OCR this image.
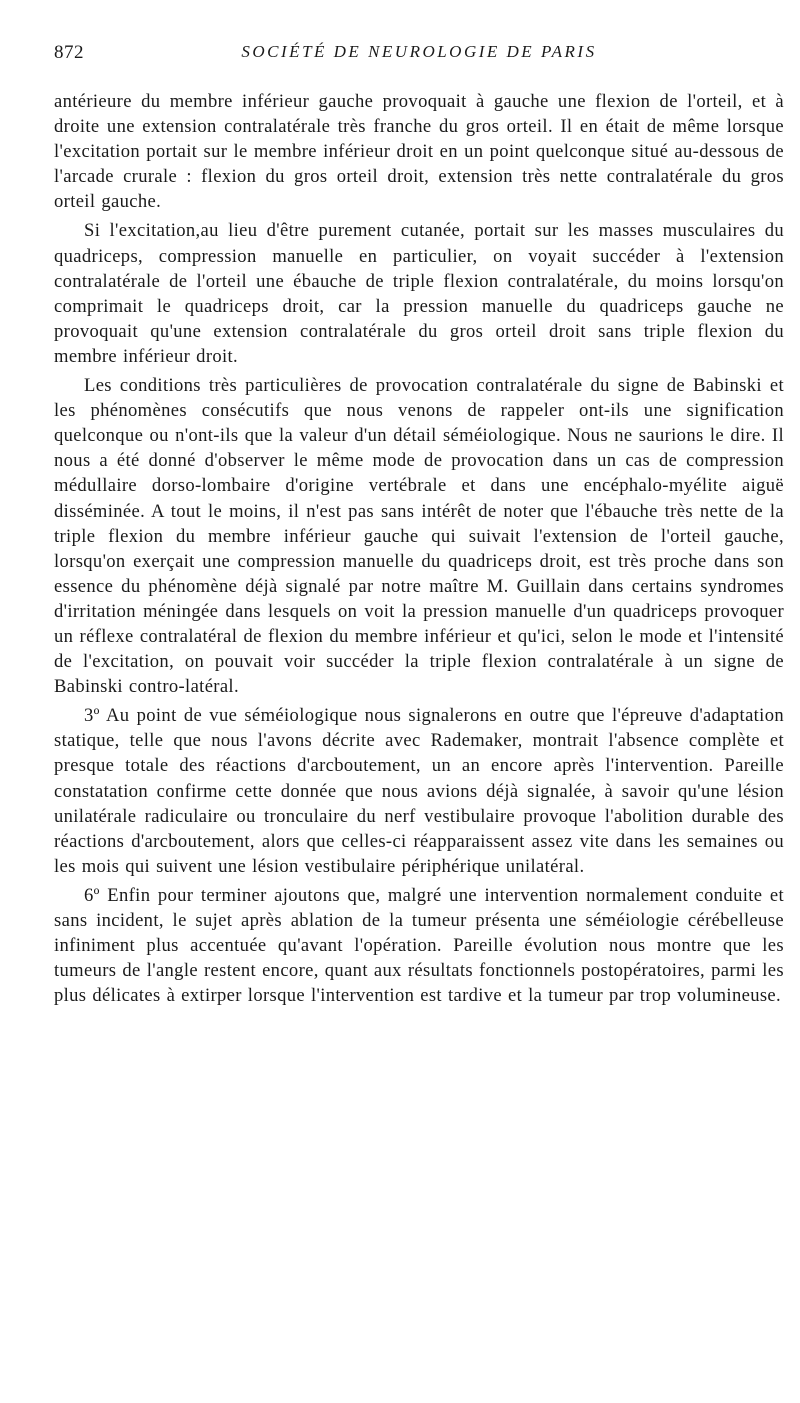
872	SOCIÉTÉ DE NEUROLOGIE DE PARIS

antérieure du membre inférieur gauche provoquait à gauche une flexion de l'orteil, et à droite une extension contralatérale très franche du gros orteil. Il en était de même lorsque l'excitation portait sur le membre inférieur droit en un point quelconque situé au-dessous de l'arcade crurale : flexion du gros orteil droit, extension très nette contralatérale du gros orteil gauche.

Si l'excitation,au lieu d'être purement cutanée, portait sur les masses musculaires du quadriceps, compression manuelle en particulier, on voyait succéder à l'extension contralatérale de l'orteil une ébauche de triple flexion contralatérale, du moins lorsqu'on comprimait le quadriceps droit, car la pression manuelle du quadriceps gauche ne provoquait qu'une extension contralatérale du gros orteil droit sans triple flexion du membre inférieur droit.

Les conditions très particulières de provocation contralatérale du signe de Babinski et les phénomènes consécutifs que nous venons de rappeler ont-ils une signification quelconque ou n'ont-ils que la valeur d'un détail séméiologique. Nous ne saurions le dire. Il nous a été donné d'observer le même mode de provocation dans un cas de compression médullaire dorso-lombaire d'origine vertébrale et dans une encéphalo-myélite aiguë disséminée. A tout le moins, il n'est pas sans intérêt de noter que l'ébauche très nette de la triple flexion du membre inférieur gauche qui suivait l'extension de l'orteil gauche, lorsqu'on exerçait une compression manuelle du quadriceps droit, est très proche dans son essence du phénomène déjà signalé par notre maître M. Guillain dans certains syndromes d'irritation méningée dans lesquels on voit la pression manuelle d'un quadriceps provoquer un réflexe contralatéral de flexion du membre inférieur et qu'ici, selon le mode et l'intensité de l'excitation, on pouvait voir succéder la triple flexion contralatérale à un signe de Babinski contro-latéral.

3º Au point de vue séméiologique nous signalerons en outre que l'épreuve d'adaptation statique, telle que nous l'avons décrite avec Rademaker, montrait l'absence complète et presque totale des réactions d'arcboutement, un an encore après l'intervention. Pareille constatation confirme cette donnée que nous avions déjà signalée, à savoir qu'une lésion unilatérale radiculaire ou tronculaire du nerf vestibulaire provoque l'abolition durable des réactions d'arcboutement, alors que celles-ci réapparaissent assez vite dans les semaines ou les mois qui suivent une lésion vestibulaire périphérique unilatéral.

6º Enfin pour terminer ajoutons que, malgré une intervention normalement conduite et sans incident, le sujet après ablation de la tumeur présenta une séméiologie cérébelleuse infiniment plus accentuée qu'avant l'opération. Pareille évolution nous montre que les tumeurs de l'angle restent encore, quant aux résultats fonctionnels postopératoires, parmi les plus délicates à extirper lorsque l'intervention est tardive et la tumeur par trop volumineuse.
